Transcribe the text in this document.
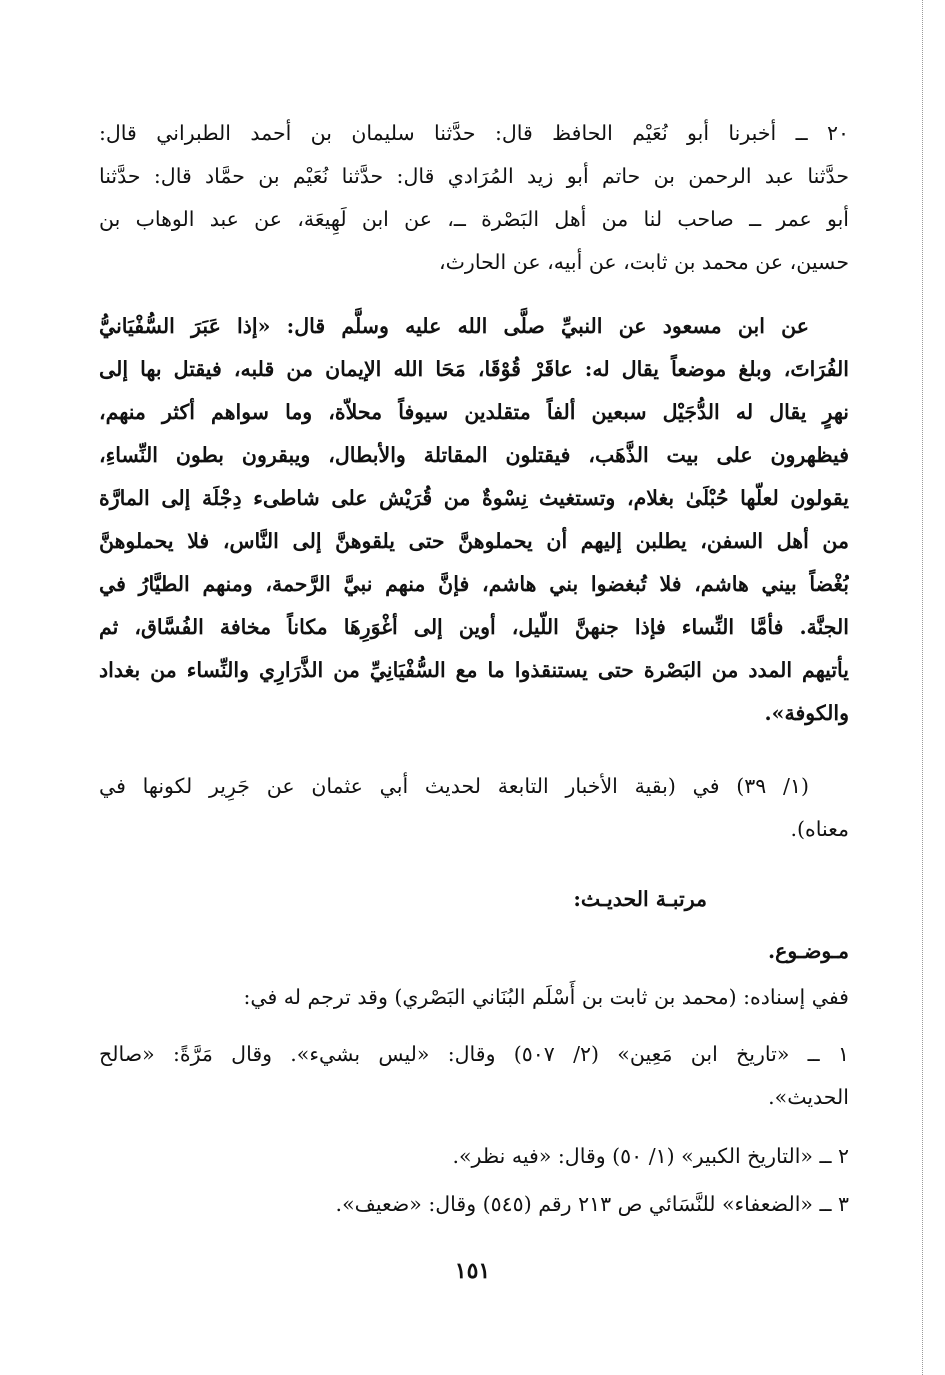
٢٠ ــ أخبرنا أبو نُعَيْم الحافظ قال: حدَّثنا سليمان بن أحمد الطبراني قال:
حدَّثنا عبد الرحمن بن حاتم أبو زيد المُرَادي قال: حدَّثنا نُعَيْم بن حمَّاد قال: حدَّثنا
أبو عمر ــ صاحب لنا من أهل البَصْرة ــ، عن ابن لَهِيعَة، عن عبد الوهاب بن
حسين، عن محمد بن ثابت، عن أبيه، عن الحارث،
عن ابن مسعود عن النبيِّ صلَّى الله عليه وسلَّم قال: «إذا عَبَرَ السُّفْيَانيُّ
الفُرَاتَ، وبلغ موضعاً يقال له: عاقَرْ قُوْقَا، مَحَا الله الإيمان من قلبه، فيقتل بها إلى
نهرٍ يقال له الدُّجَيْل سبعين ألفاً متقلدين سيوفاً محلاّة، وما سواهم أكثر منهم،
فيظهرون على بيت الذَّهَب، فيقتلون المقاتلة والأبطال، ويبقرون بطون النِّساءِ،
يقولون لعلّها حُبْلَىٰ بغلام، وتستغيث نِسْوةٌ من قُرَيْش على شاطىء دِجْلَة إلى المارَّة
من أهل السفن، يطلبن إليهم أن يحملوهنَّ حتى يلقوهنَّ إلى النَّاس، فلا يحملوهنَّ
بُغْضاً بيني هاشم، فلا تُبغضوا بني هاشم، فإنَّ منهم نبيَّ الرَّحمة، ومنهم الطيَّارُ في
الجنَّة. فأمَّا النِّساء فإذا جنهنَّ اللّيل، أوين إلى أغْوَرِهَا مكاناً مخافة الفُسَّاق، ثم
يأتيهم المدد من البَصْرة حتى يستنقذوا ما مع السُّفْيَانِيِّ من الذَّرَارِي والنِّساء من بغداد
والكوفة».
(١/ ٣٩) في (بقية الأخبار التابعة لحديث أبي عثمان عن جَرِير لكونها في
معناه).
مرتبـة الحديـث:
مـوضـوع.
ففي إسناده: (محمد بن ثابت بن أَسْلَم البُنَاني البَصْري) وقد ترجم له في:
١ ــ «تاريخ ابن مَعِين» (٢/ ٥٠٧) وقال: «ليس بشيء». وقال مَرَّةً: «صالح
الحديث».
٢ ــ «التاريخ الكبير» (١/ ٥٠) وقال: «فيه نظر».
٣ ــ «الضعفاء» للنَّسَائي ص ٢١٣ رقم (٥٤٥) وقال: «ضعيف».
١٥١
